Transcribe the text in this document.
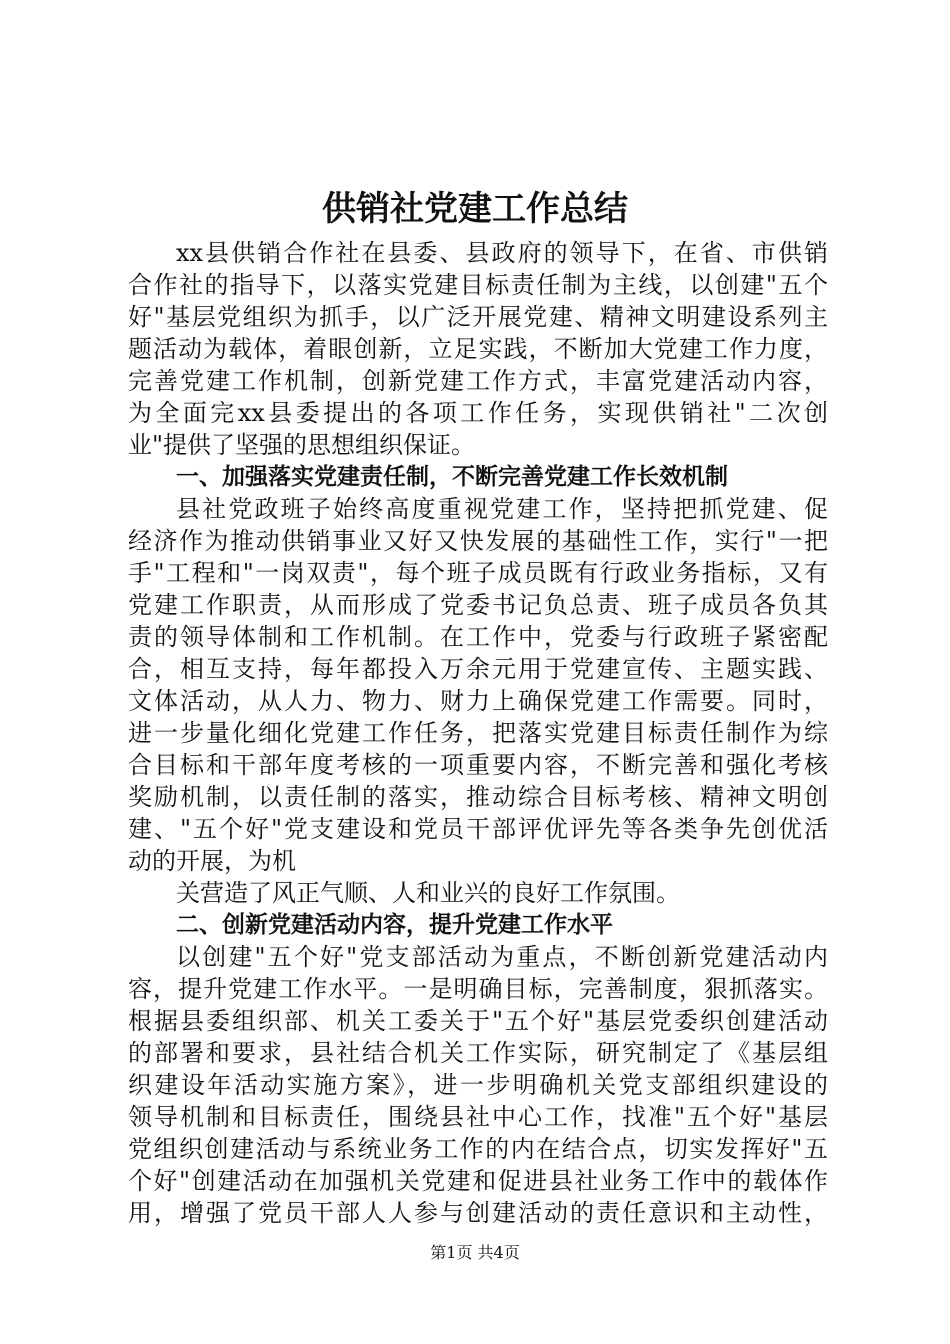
供销社党建工作总结
xx县供销合作社在县委、县政府的领导下，在省、市供销
合作社的指导下，以落实党建目标责任制为主线，以创建"五个
好"基层党组织为抓手，以广泛开展党建、精神文明建设系列主
题活动为载体，着眼创新，立足实践，不断加大党建工作力度，
完善党建工作机制，创新党建工作方式，丰富党建活动内容，
为全面完xx县委提出的各项工作任务，实现供销社"二次创
业"提供了坚强的思想组织保证。
一、加强落实党建责任制，不断完善党建工作长效机制
县社党政班子始终高度重视党建工作，坚持把抓党建、促
经济作为推动供销事业又好又快发展的基础性工作，实行"一把
手"工程和"一岗双责"，每个班子成员既有行政业务指标，又有
党建工作职责，从而形成了党委书记负总责、班子成员各负其
责的领导体制和工作机制。在工作中，党委与行政班子紧密配
合，相互支持，每年都投入万余元用于党建宣传、主题实践、
文体活动，从人力、物力、财力上确保党建工作需要。同时，
进一步量化细化党建工作任务，把落实党建目标责任制作为综
合目标和干部年度考核的一项重要内容，不断完善和强化考核
奖励机制，以责任制的落实，推动综合目标考核、精神文明创
建、"五个好"党支建设和党员干部评优评先等各类争先创优活
动的开展，为机
关营造了风正气顺、人和业兴的良好工作氛围。
二、创新党建活动内容，提升党建工作水平
以创建"五个好"党支部活动为重点，不断创新党建活动内
容，提升党建工作水平。一是明确目标，完善制度，狠抓落实。
根据县委组织部、机关工委关于"五个好"基层党委织创建活动
的部署和要求，县社结合机关工作实际，研究制定了《基层组
织建设年活动实施方案》，进一步明确机关党支部组织建设的
领导机制和目标责任，围绕县社中心工作，找准"五个好"基层
党组织创建活动与系统业务工作的内在结合点，切实发挥好"五
个好"创建活动在加强机关党建和促进县社业务工作中的载体作
用，增强了党员干部人人参与创建活动的责任意识和主动性，
第1页 共4页
